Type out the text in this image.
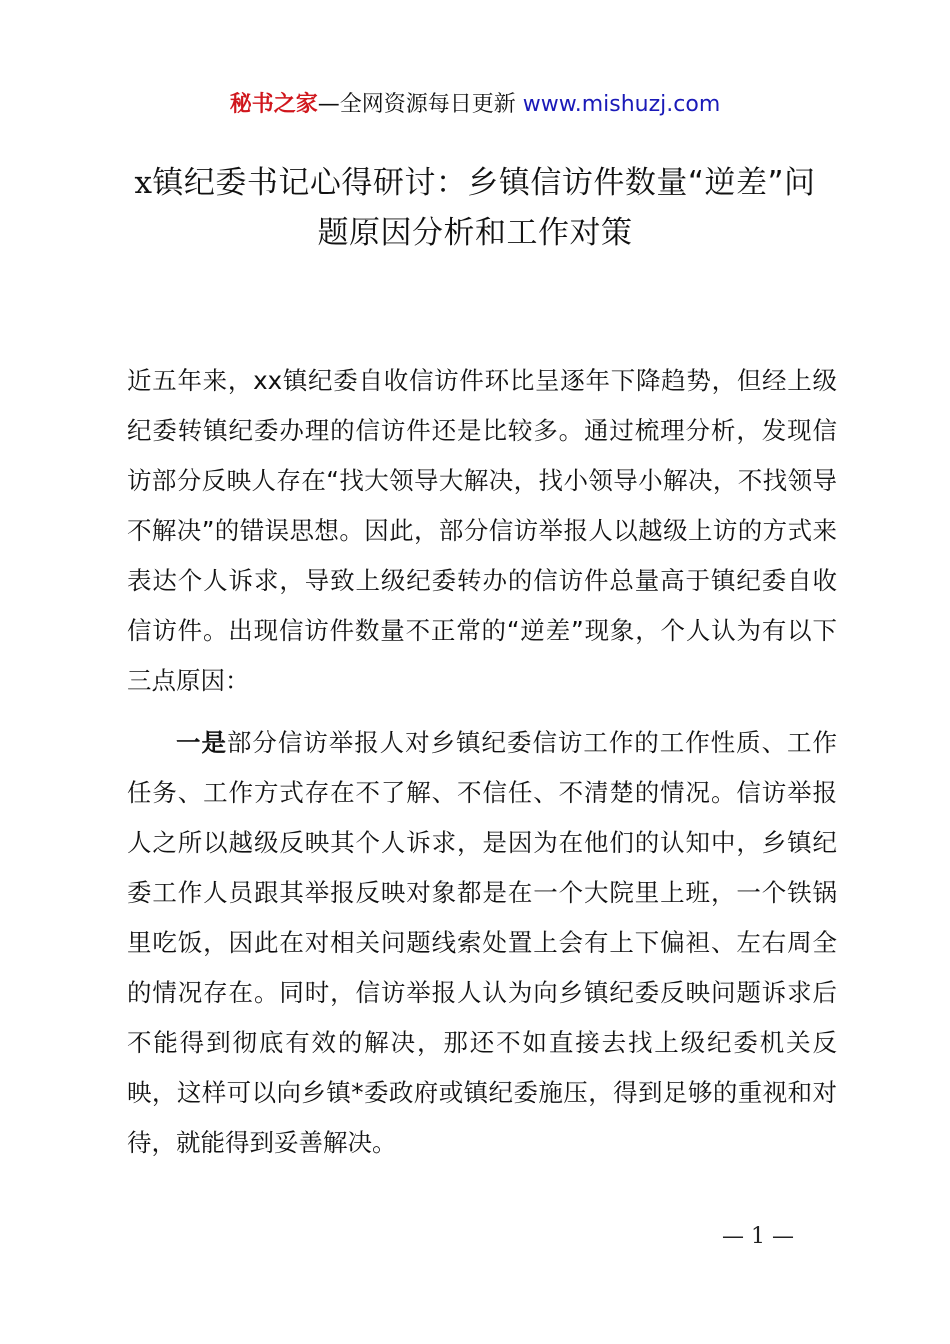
秘书之家—全网资源每日更新 www.mishuzj.com
x镇纪委书记心得研讨：乡镇信访件数量“逆差”问题原因分析和工作对策

近五年来，xx镇纪委自收信访件环比呈逐年下降趋势，但经上级纪委转镇纪委办理的信访件还是比较多。通过梳理分析，发现信访部分反映人存在“找大领导大解决，找小领导小解决，不找领导不解决”的错误思想。因此，部分信访举报人以越级上访的方式来表达个人诉求，导致上级纪委转办的信访件总量高于镇纪委自收信访件。出现信访件数量不正常的“逆差”现象，个人认为有以下三点原因：

一是部分信访举报人对乡镇纪委信访工作的工作性质、工作任务、工作方式存在不了解、不信任、不清楚的情况。信访举报人之所以越级反映其个人诉求，是因为在他们的认知中，乡镇纪委工作人员跟其举报反映对象都是在一个大院里上班，一个铁锅里吃饭，因此在对相关问题线索处置上会有上下偏袒、左右周全的情况存在。同时，信访举报人认为向乡镇纪委反映问题诉求后不能得到彻底有效的解决，那还不如直接去找上级纪委机关反映，这样可以向乡镇*委政府或镇纪委施压，得到足够的重视和对待，就能得到妥善解决。

— 1 —
